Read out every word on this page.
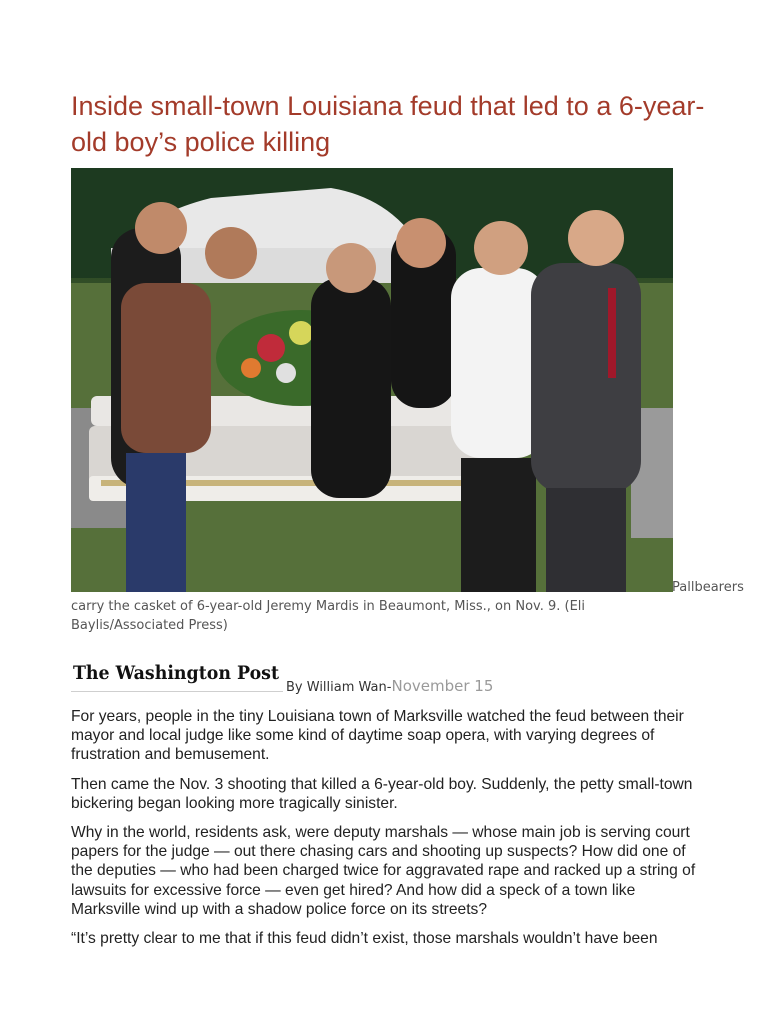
Inside small-town Louisiana feud that led to a 6-year-old boy’s police killing

Pallbearers carry the casket of 6-year-old Jeremy Mardis in Beaumont, Miss., on Nov. 9. (Eli Baylis/Associated Press)

The Washington Post
By William Wan-November 15

For years, people in the tiny Louisiana town of Marksville watched the feud between their mayor and local judge like some kind of daytime soap opera, with varying degrees of frustration and bemusement.

Then came the Nov. 3 shooting that killed a 6-year-old boy. Suddenly, the petty small-town bickering began looking more tragically sinister.

Why in the world, residents ask, were deputy marshals — whose main job is serving court papers for the judge — out there chasing cars and shooting up suspects? How did one of the deputies — who had been charged twice for aggravated rape and racked up a string of lawsuits for excessive force — even get hired? And how did a speck of a town like Marksville wind up with a shadow police force on its streets?

“It’s pretty clear to me that if this feud didn’t exist, those marshals wouldn’t have been
